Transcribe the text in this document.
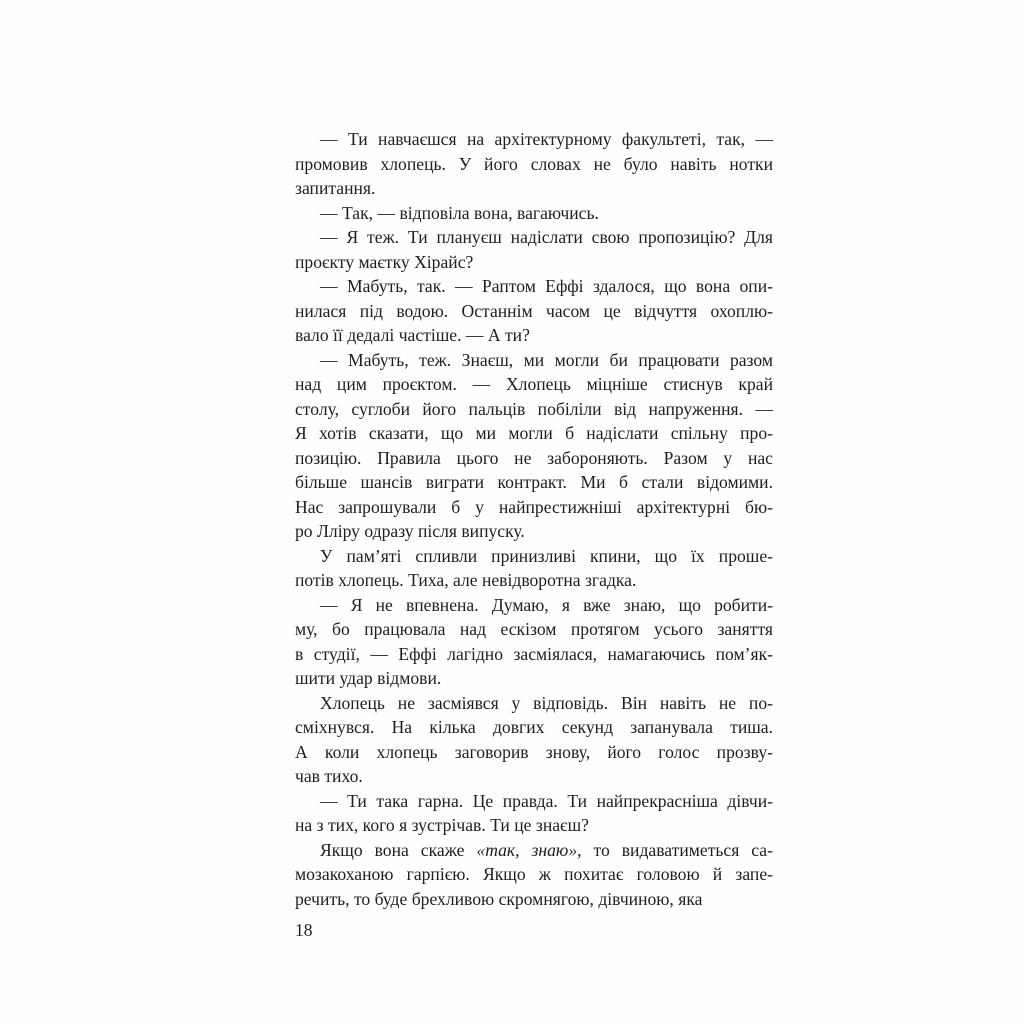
— Ти навчаєшся на архітектурному факультеті, так, —
промовив хлопець. У його словах не було навіть нотки
запитання.
— Так, — відповіла вона, вагаючись.
— Я теж. Ти плануєш надіслати свою пропозицію? Для
проєкту маєтку Хірайс?
— Мабуть, так. — Раптом Еффі здалося, що вона опи-
нилася під водою. Останнім часом це відчуття охоплю-
вало її дедалі частіше. — А ти?
— Мабуть, теж. Знаєш, ми могли би працювати разом
над цим проєктом. — Хлопець міцніше стиснув край
столу, суглоби його пальців побіліли від напруження. —
Я хотів сказати, що ми могли б надіслати спільну про-
позицію. Правила цього не забороняють. Разом у нас
більше шансів виграти контракт. Ми б стали відомими.
Нас запрошували б у найпрестижніші архітектурні бю-
ро Лліру одразу після випуску.
У пам’яті спливли принизливі кпини, що їх проше-
потів хлопець. Тиха, але невідворотна згадка.
— Я не впевнена. Думаю, я вже знаю, що робити-
му, бо працювала над ескізом протягом усього заняття
в студії, — Еффі лагідно засміялася, намагаючись пом’як-
шити удар відмови.
Хлопець не засміявся у відповідь. Він навіть не по-
сміхнувся. На кілька довгих секунд запанувала тиша.
А коли хлопець заговорив знову, його голос прозву-
чав тихо.
— Ти така гарна. Це правда. Ти найпрекрасніша дівчи-
на з тих, кого я зустрічав. Ти це знаєш?
Якщо вона скаже «так, знаю», то видаватиметься са-
мозакоханою гарпією. Якщо ж похитає головою й запе-
речить, то буде брехливою скромнягою, дівчиною, яка
18
